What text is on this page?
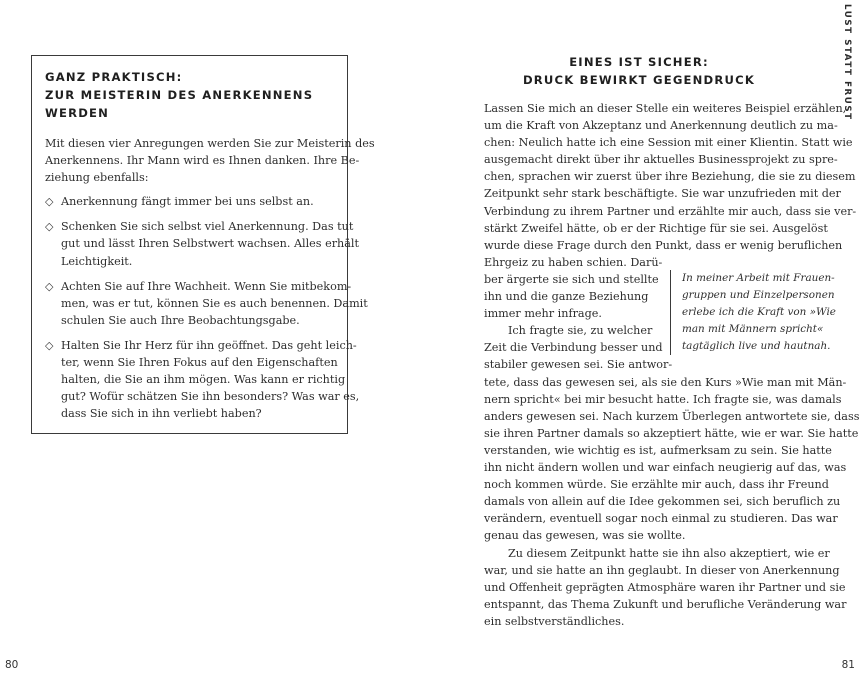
GANZ PRAKTISCH:
ZUR MEISTERIN DES ANERKENNENS
WERDEN
Mit diesen vier Anregungen werden Sie zur Meisterin des
Anerkennens. Ihr Mann wird es Ihnen danken. Ihre Be-
ziehung ebenfalls:
◇ Anerkennung fängt immer bei uns selbst an.
◇ Schenken Sie sich selbst viel Anerkennung. Das tut
gut und lässt Ihren Selbstwert wachsen. Alles erhält
Leichtigkeit.
◇ Achten Sie auf Ihre Wachheit. Wenn Sie mitbekom-
men, was er tut, können Sie es auch benennen. Damit
schulen Sie auch Ihre Beobachtungsgabe.
◇ Halten Sie Ihr Herz für ihn geöffnet. Das geht leich-
ter, wenn Sie Ihren Fokus auf den Eigenschaften
halten, die Sie an ihm mögen. Was kann er richtig
gut? Wofür schätzen Sie ihn besonders? Was war es,
dass Sie sich in ihn verliebt haben?
80
LUST STATT FRUST
EINES IST SICHER:
DRUCK BEWIRKT GEGENDRUCK
Lassen Sie mich an dieser Stelle ein weiteres Beispiel erzählen,
um die Kraft von Akzeptanz und Anerkennung deutlich zu ma-
chen: Neulich hatte ich eine Session mit einer Klientin. Statt wie
ausgemacht direkt über ihr aktuelles Businessprojekt zu spre-
chen, sprachen wir zuerst über ihre Beziehung, die sie zu diesem
Zeitpunkt sehr stark beschäftigte. Sie war unzufrieden mit der
Verbindung zu ihrem Partner und erzählte mir auch, dass sie ver-
stärkt Zweifel hätte, ob er der Richtige für sie sei. Ausgelöst
wurde diese Frage durch den Punkt, dass er wenig beruflichen
Ehrgeiz zu haben schien. Darü-
ber ärgerte sie sich und stellte
ihn und die ganze Beziehung
immer mehr infrage.
Ich fragte sie, zu welcher
Zeit die Verbindung besser und
stabiler gewesen sei. Sie antwor-
In meiner Arbeit mit Frauen-
gruppen und Einzelpersonen
erlebe ich die Kraft von »Wie
man mit Männern spricht«
tagtäglich live und hautnah.
tete, dass das gewesen sei, als sie den Kurs »Wie man mit Män-
nern spricht« bei mir besucht hatte. Ich fragte sie, was damals
anders gewesen sei. Nach kurzem Überlegen antwortete sie, dass
sie ihren Partner damals so akzeptiert hätte, wie er war. Sie hatte
verstanden, wie wichtig es ist, aufmerksam zu sein. Sie hatte
ihn nicht ändern wollen und war einfach neugierig auf das, was
noch kommen würde. Sie erzählte mir auch, dass ihr Freund
damals von allein auf die Idee gekommen sei, sich beruflich zu
verändern, eventuell sogar noch einmal zu studieren. Das war
genau das gewesen, was sie wollte.
Zu diesem Zeitpunkt hatte sie ihn also akzeptiert, wie er
war, und sie hatte an ihn geglaubt. In dieser von Anerkennung
und Offenheit geprägten Atmosphäre waren ihr Partner und sie
entspannt, das Thema Zukunft und berufliche Veränderung war
ein selbstverständliches.
81
